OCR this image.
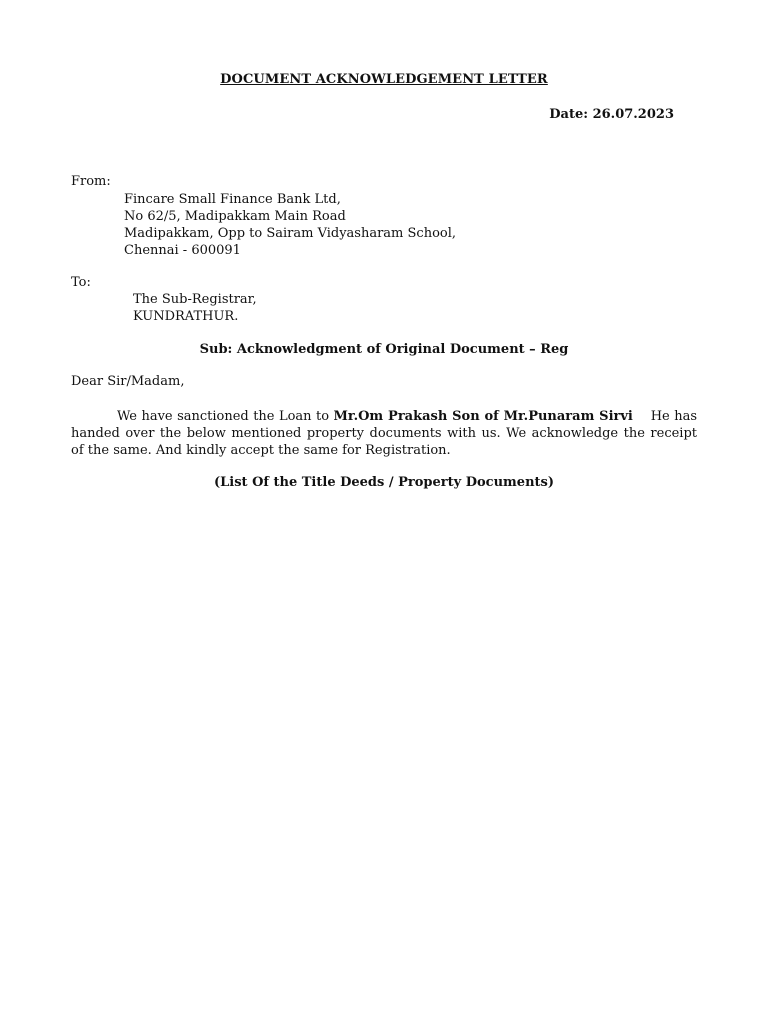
DOCUMENT ACKNOWLEDGEMENT LETTER
Date: 26.07.2023
From:
Fincare Small Finance Bank Ltd,
No 62/5, Madipakkam Main Road
Madipakkam, Opp to Sairam Vidyasharam School,
Chennai - 600091
To:
The Sub-Registrar,
KUNDRATHUR.
Sub: Acknowledgment of Original Document – Reg
Dear Sir/Madam,
We have sanctioned the Loan to Mr.Om Prakash Son of Mr.Punaram Sirvi    He has handed over the below mentioned property documents with us. We acknowledge the receipt of the same. And kindly accept the same for Registration.
(List Of the Title Deeds / Property Documents)
